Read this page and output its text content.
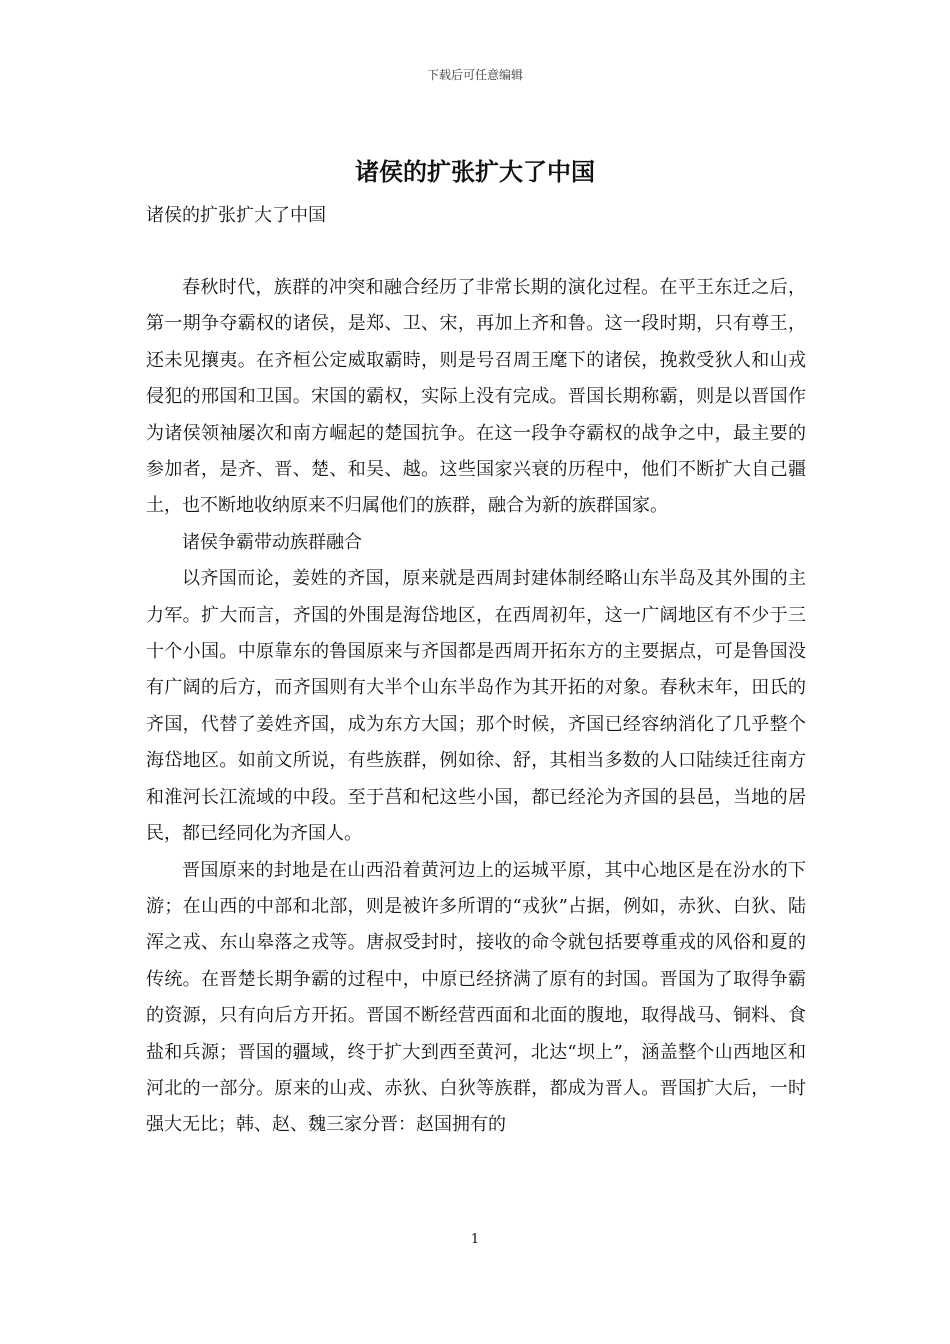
下载后可任意编辑
诸侯的扩张扩大了中国
诸侯的扩张扩大了中国

春秋时代，族群的冲突和融合经历了非常长期的演化过程。在平王东迁之后，第一期争夺霸权的诸侯，是郑、卫、宋，再加上齐和鲁。这一段时期，只有尊王，还未见攘夷。在齐桓公定威取霸時，则是号召周王麾下的诸侯，挽救受狄人和山戎侵犯的邢国和卫国。宋国的霸权，实际上没有完成。晋国长期称霸，则是以晋国作为诸侯领袖屡次和南方崛起的楚国抗争。在这一段争夺霸权的战争之中，最主要的参加者，是齐、晋、楚、和吴、越。这些国家兴衰的历程中，他们不断扩大自己疆土，也不断地收纳原来不归属他们的族群，融合为新的族群国家。

诸侯争霸带动族群融合

以齐国而论，姜姓的齐国，原来就是西周封建体制经略山东半岛及其外围的主力军。扩大而言，齐国的外围是海岱地区，在西周初年，这一广阔地区有不少于三十个小国。中原靠东的鲁国原来与齐国都是西周开拓东方的主要据点，可是鲁国没有广阔的后方，而齐国则有大半个山东半岛作为其开拓的对象。春秋末年，田氏的齐国，代替了姜姓齐国，成为东方大国；那个时候，齐国已经容纳消化了几乎整个海岱地区。如前文所说，有些族群，例如徐、舒，其相当多数的人口陆续迁往南方和淮河长江流域的中段。至于莒和杞这些小国，都已经沦为齐国的县邑，当地的居民，都已经同化为齐国人。

晋国原来的封地是在山西沿着黄河边上的运城平原，其中心地区是在汾水的下游；在山西的中部和北部，则是被许多所谓的“戎狄”占据，例如，赤狄、白狄、陆浑之戎、东山皋落之戎等。唐叔受封时，接收的命令就包括要尊重戎的风俗和夏的传统。在晋楚长期争霸的过程中，中原已经挤满了原有的封国。晋国为了取得争霸的资源，只有向后方开拓。晋国不断经营西面和北面的腹地，取得战马、铜料、食盐和兵源；晋国的疆域，终于扩大到西至黄河，北达“坝上”，涵盖整个山西地区和河北的一部分。原来的山戎、赤狄、白狄等族群，都成为晋人。晋国扩大后，一时强大无比；韩、赵、魏三家分晋：赵国拥有的

1
